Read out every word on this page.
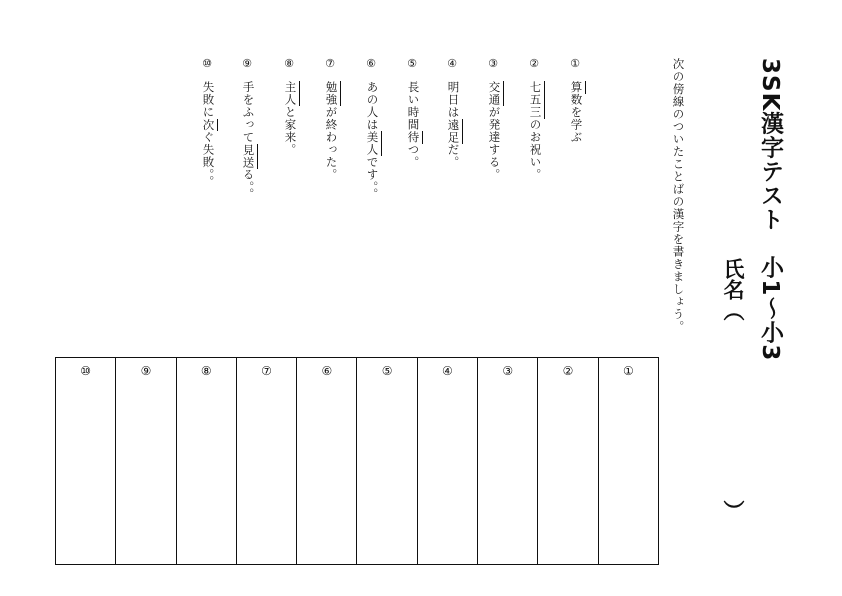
3SK漢字テスト　小1〜小3
氏名（
）
次の傍線のついたことばの漢字を書きましょう。
①
算数を学ぶ
②
七五三のお祝い。
③
交通が発達する。
④
明日は遠足だ。
⑤
長い時間待つ。
⑥
あの人は美人です。。
⑦
勉強が終わった。
⑧
主人と家来。
⑨
手をふって見送る。。
⑩
失敗に次ぐ失敗。。
⑩	⑨	⑧	⑦	⑥	⑤	④	③	②	①
